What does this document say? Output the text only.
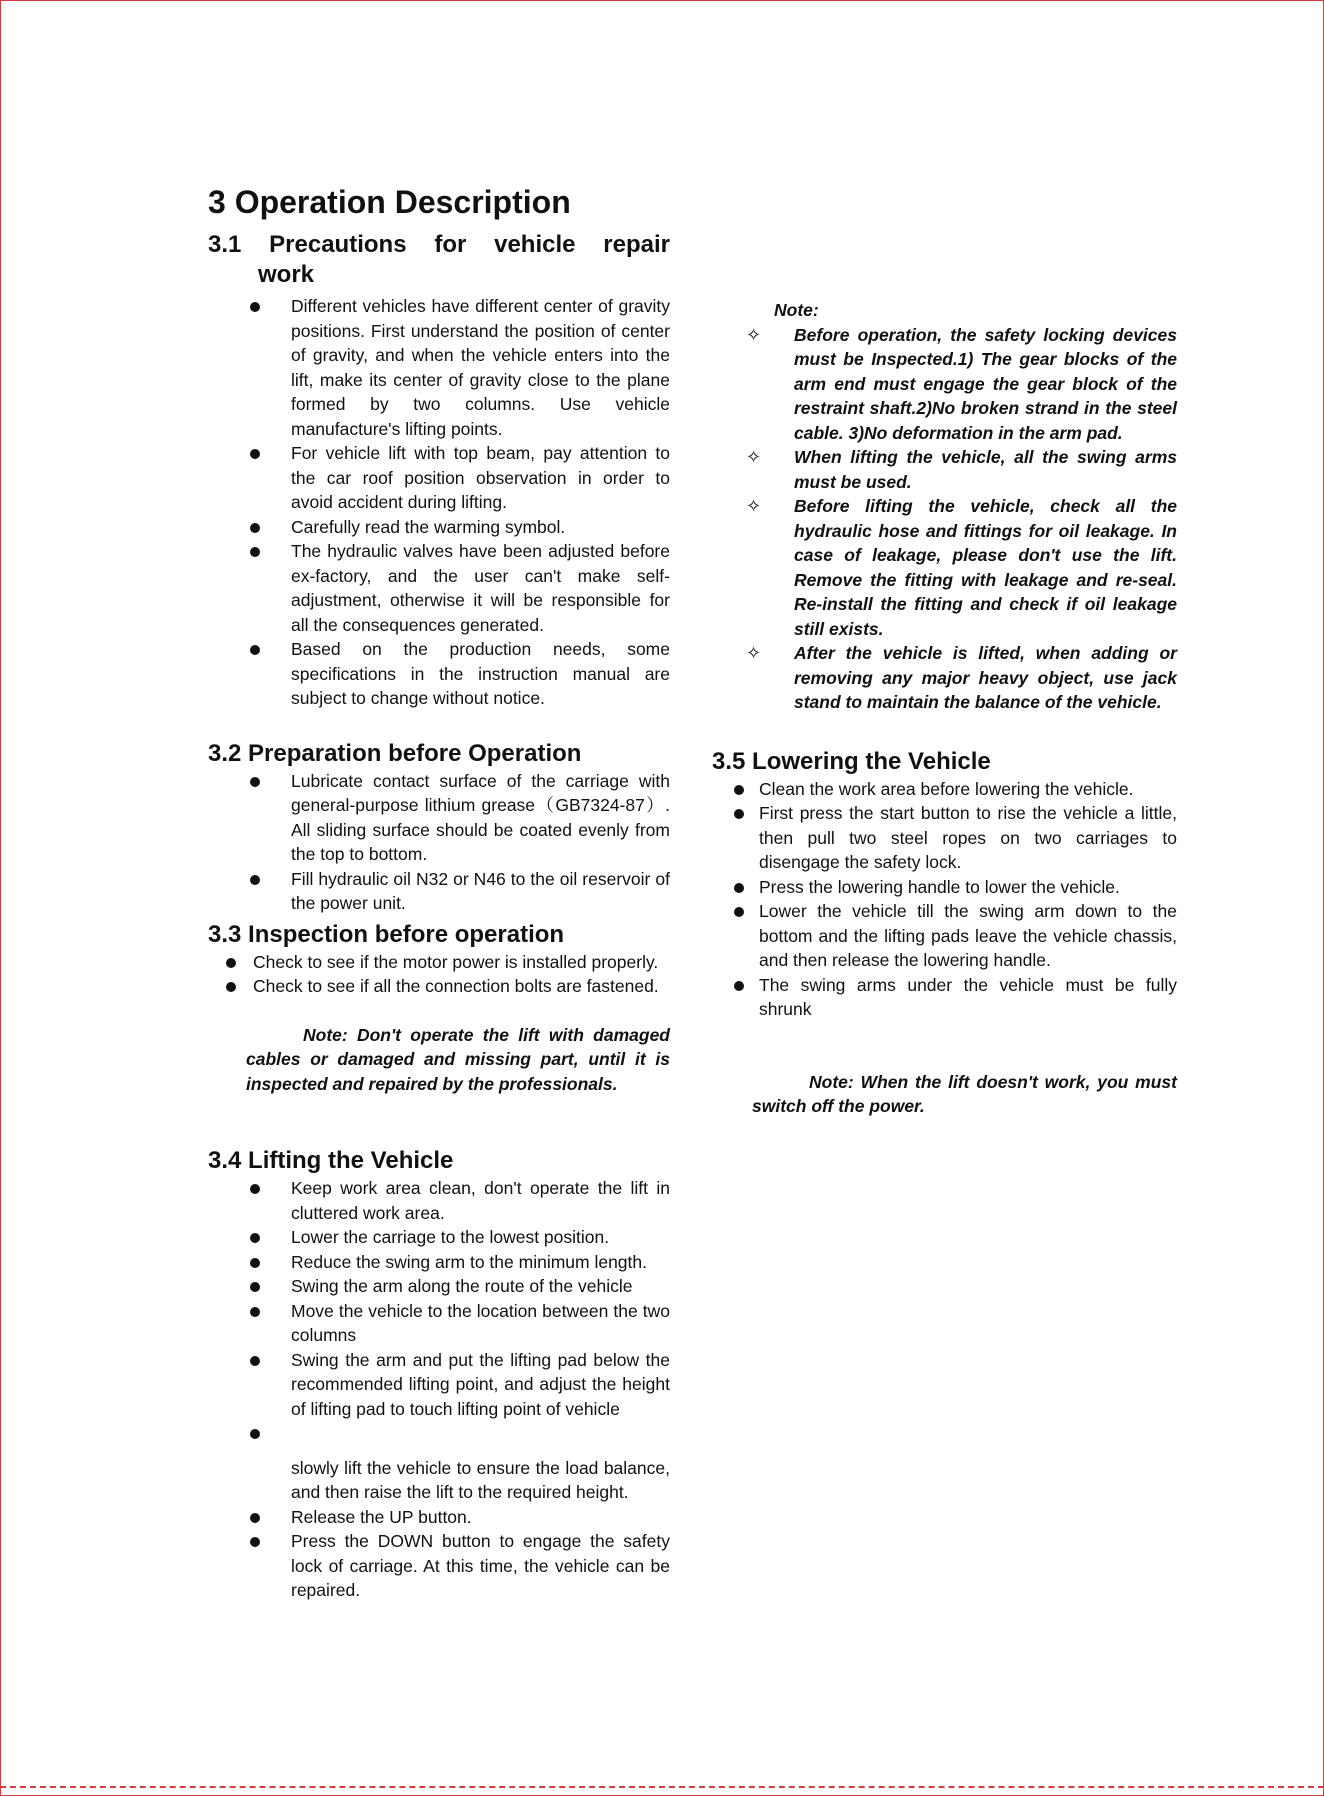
3 Operation Description
3.1 Precautions for vehicle repair
work
Different vehicles have different center of gravity positions. First understand the position of center of gravity, and when the vehicle enters into the lift, make its center of gravity close to the plane formed by two columns. Use vehicle manufacture's lifting points.
For vehicle lift with top beam, pay attention to the car roof position observation in order to avoid accident during lifting.
Carefully read the warming symbol.
The hydraulic valves have been adjusted before ex-factory, and the user can't make self-adjustment, otherwise it will be responsible for all the consequences generated.
Based on the production needs, some specifications in the instruction manual are subject to change without notice.
3.2 Preparation before Operation
Lubricate contact surface of the carriage with general-purpose lithium grease（GB7324-87）. All sliding surface should be coated evenly from the top to bottom.
Fill hydraulic oil N32 or N46 to the oil reservoir of the power unit.
3.3 Inspection before operation
Check to see if the motor power is installed properly.
Check to see if all the connection bolts are fastened.
Note: Don't operate the lift with damaged cables or damaged and missing part, until it is inspected and repaired by the professionals.
3.4 Lifting the Vehicle
Keep work area clean, don't operate the lift in cluttered work area.
Lower the carriage to the lowest position.
Reduce the swing arm to the minimum length.
Swing the arm along the route of the vehicle
Move the vehicle to the location between the two columns
Swing the arm and put the lifting pad below the recommended lifting point, and adjust the height of lifting pad to touch lifting point of vehicle
slowly lift the vehicle to ensure the load balance, and then raise the lift to the required height.
Release the UP button.
Press the DOWN button to engage the safety lock of carriage. At this time, the vehicle can be repaired.
Note:
✧ Before operation, the safety locking devices must be Inspected.1) The gear blocks of the arm end must engage the gear block of the restraint shaft.2)No broken strand in the steel cable. 3)No deformation in the arm pad.
✧ When lifting the vehicle, all the swing arms must be used.
✧ Before lifting the vehicle, check all the hydraulic hose and fittings for oil leakage. In case of leakage, please don't use the lift. Remove the fitting with leakage and re-seal. Re-install the fitting and check if oil leakage still exists.
✧ After the vehicle is lifted, when adding or removing any major heavy object, use jack stand to maintain the balance of the vehicle.
3.5 Lowering the Vehicle
Clean the work area before lowering the vehicle.
First press the start button to rise the vehicle a little, then pull two steel ropes on two carriages to disengage the safety lock.
Press the lowering handle to lower the vehicle.
Lower the vehicle till the swing arm down to the bottom and the lifting pads leave the vehicle chassis, and then release the lowering handle.
The swing arms under the vehicle must be fully shrunk
Note: When the lift doesn't work, you must switch off the power.
